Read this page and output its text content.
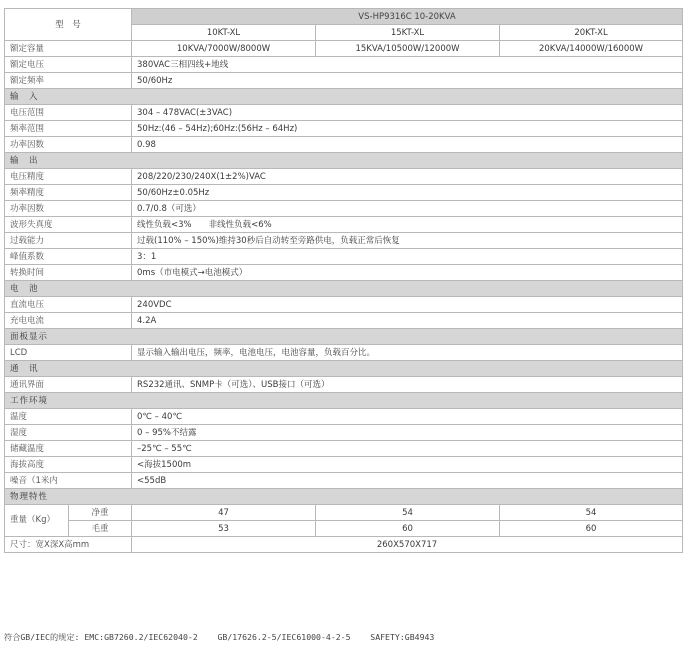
型　号		VS-HP9316C 10-20KVA		
		10KT-XL	15KT-XL	20KT-XL
额定容量		10KVA/7000W/8000W	15KVA/10500W/12000W	20KVA/14000W/16000W
额定电压		380VAC三相四线+地线		
额定频率		50/60Hz		
输　入				
电压范围		304 – 478VAC(±3VAC)		
频率范围		50Hz:(46 – 54Hz);60Hz:(56Hz – 64Hz)		
功率因数		0.98		
输　出				
电压精度		208/220/230/240X(1±2%)VAC		
频率精度		50/60Hz±0.05Hz		
功率因数		0.7/0.8（可选）		
波形失真度		线性负载<3%　　非线性负载<6%		
过载能力		过载(110% – 150%)维持30秒后自动转至旁路供电，负载正常后恢复		
峰值系数		3：1		
转换时间		0ms（市电模式→电池模式）		
电　池				
直流电压		240VDC		
充电电流		4.2A		
面板显示				
LCD		显示输入输出电压，频率，电池电压，电池容量，负载百分比。		
通　讯				
通讯界面		RS232通讯、SNMP卡（可选）、USB接口（可选）		
工作环境				
温度		0℃ – 40℃		
湿度		0 – 95%不结露		
储藏温度		–25℃ – 55℃		
海拔高度		<海拔1500m		
噪音（1米内		<55dB		
物理特性				
重量（Kg）	净重	47	54	54
	毛重	53	60	60
尺寸：宽X深X高mm		260X570X717		
符合GB/IEC的规定: EMC:GB7260.2/IEC62040-2    GB/17626.2-5/IEC61000-4-2-5    SAFETY:GB4943
